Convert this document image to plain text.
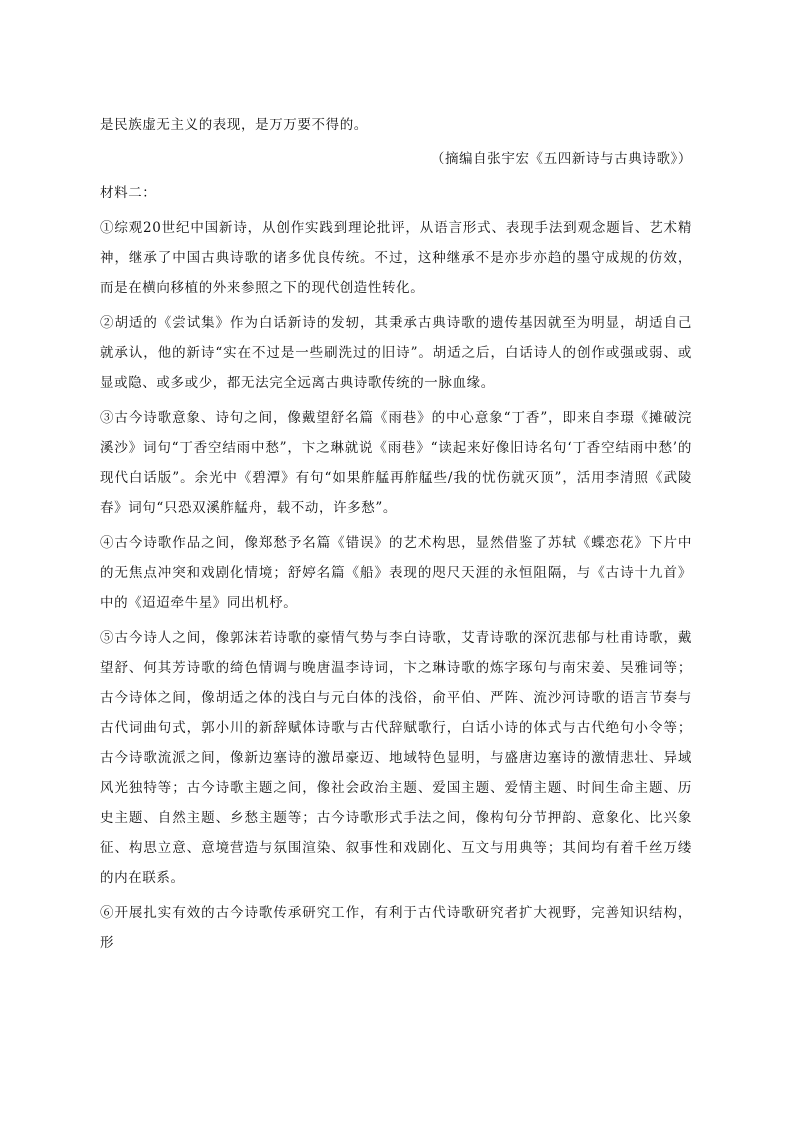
是民族虚无主义的表现，是万万要不得的。

（摘编自张宇宏《五四新诗与古典诗歌》）

材料二：

①综观20世纪中国新诗，从创作实践到理论批评，从语言形式、表现手法到观念题旨、艺术精神，继承了中国古典诗歌的诸多优良传统。不过，这种继承不是亦步亦趋的墨守成规的仿效，而是在横向移植的外来参照之下的现代创造性转化。

②胡适的《尝试集》作为白话新诗的发轫，其秉承古典诗歌的遗传基因就至为明显，胡适自己就承认，他的新诗“实在不过是一些刷洗过的旧诗”。胡适之后，白话诗人的创作或强或弱、或显或隐、或多或少，都无法完全远离古典诗歌传统的一脉血缘。

③古今诗歌意象、诗句之间，像戴望舒名篇《雨巷》的中心意象“丁香”，即来自李璟《摊破浣溪沙》词句“丁香空结雨中愁”，卞之琳就说《雨巷》“读起来好像旧诗名句‘丁香空结雨中愁’的现代白话版”。余光中《碧潭》有句“如果舴艋再舴艋些/我的忧伤就灭顶”，活用李清照《武陵春》词句“只恐双溪舴艋舟，载不动，许多愁”。

④古今诗歌作品之间，像郑愁予名篇《错误》的艺术构思，显然借鉴了苏轼《蝶恋花》下片中的无焦点冲突和戏剧化情境；舒婷名篇《船》表现的咫尺天涯的永恒阻隔，与《古诗十九首》中的《迢迢牵牛星》同出机杼。

⑤古今诗人之间，像郭沫若诗歌的豪情气势与李白诗歌，艾青诗歌的深沉悲郁与杜甫诗歌，戴望舒、何其芳诗歌的绮色情调与晚唐温李诗词，卞之琳诗歌的炼字琢句与南宋姜、吴雅词等；古今诗体之间，像胡适之体的浅白与元白体的浅俗，俞平伯、严阵、流沙河诗歌的语言节奏与古代词曲句式，郭小川的新辞赋体诗歌与古代辞赋歌行，白话小诗的体式与古代绝句小令等；古今诗歌流派之间，像新边塞诗的激昂豪迈、地域特色显明，与盛唐边塞诗的激情悲壮、异域风光独特等；古今诗歌主题之间，像社会政治主题、爱国主题、爱情主题、时间生命主题、历史主题、自然主题、乡愁主题等；古今诗歌形式手法之间，像构句分节押韵、意象化、比兴象征、构思立意、意境营造与氛围渲染、叙事性和戏剧化、互文与用典等；其间均有着千丝万缕的内在联系。

⑥开展扎实有效的古今诗歌传承研究工作，有利于古代诗歌研究者扩大视野，完善知识结构，形
